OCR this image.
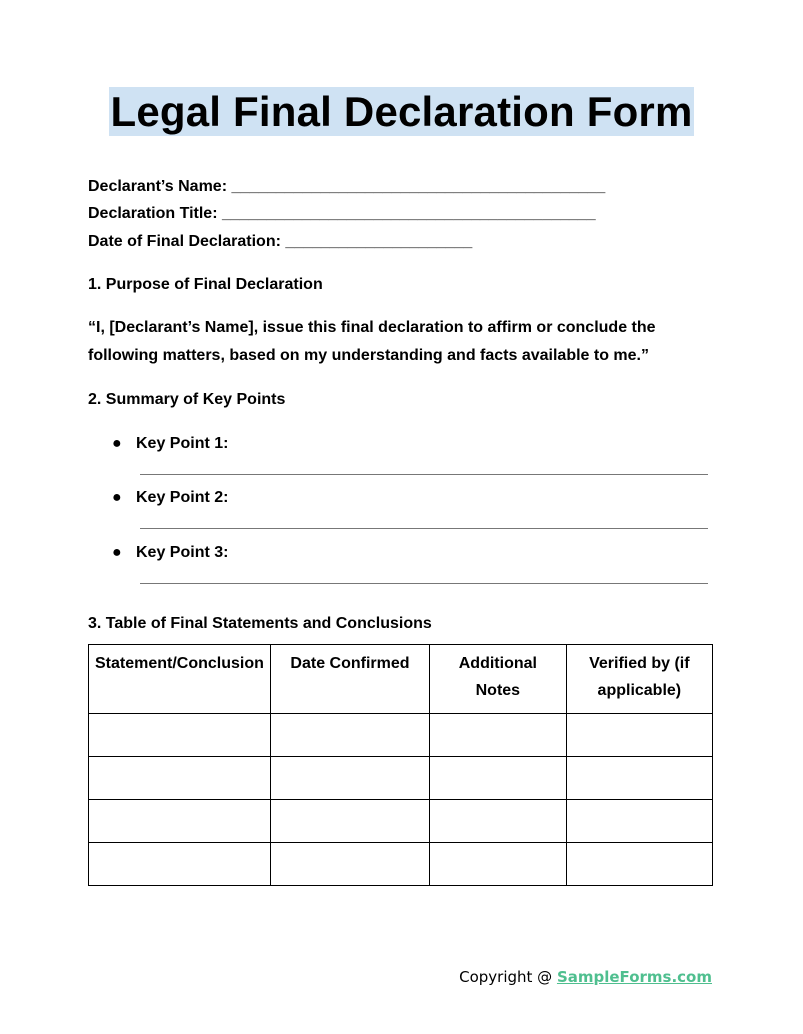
Legal Final Declaration Form
Declarant’s Name: __________________________________________
Declaration Title: __________________________________________
Date of Final Declaration: _____________________
1. Purpose of Final Declaration
“I, [Declarant’s Name], issue this final declaration to affirm or conclude the following matters, based on my understanding and facts available to me.”
2. Summary of Key Points
● Key Point 1:
● Key Point 2:
● Key Point 3:
3. Table of Final Statements and Conclusions
Statement/Conclusion	Date Confirmed	Additional Notes	Verified by (if applicable)

Copyright @ SampleForms.com
